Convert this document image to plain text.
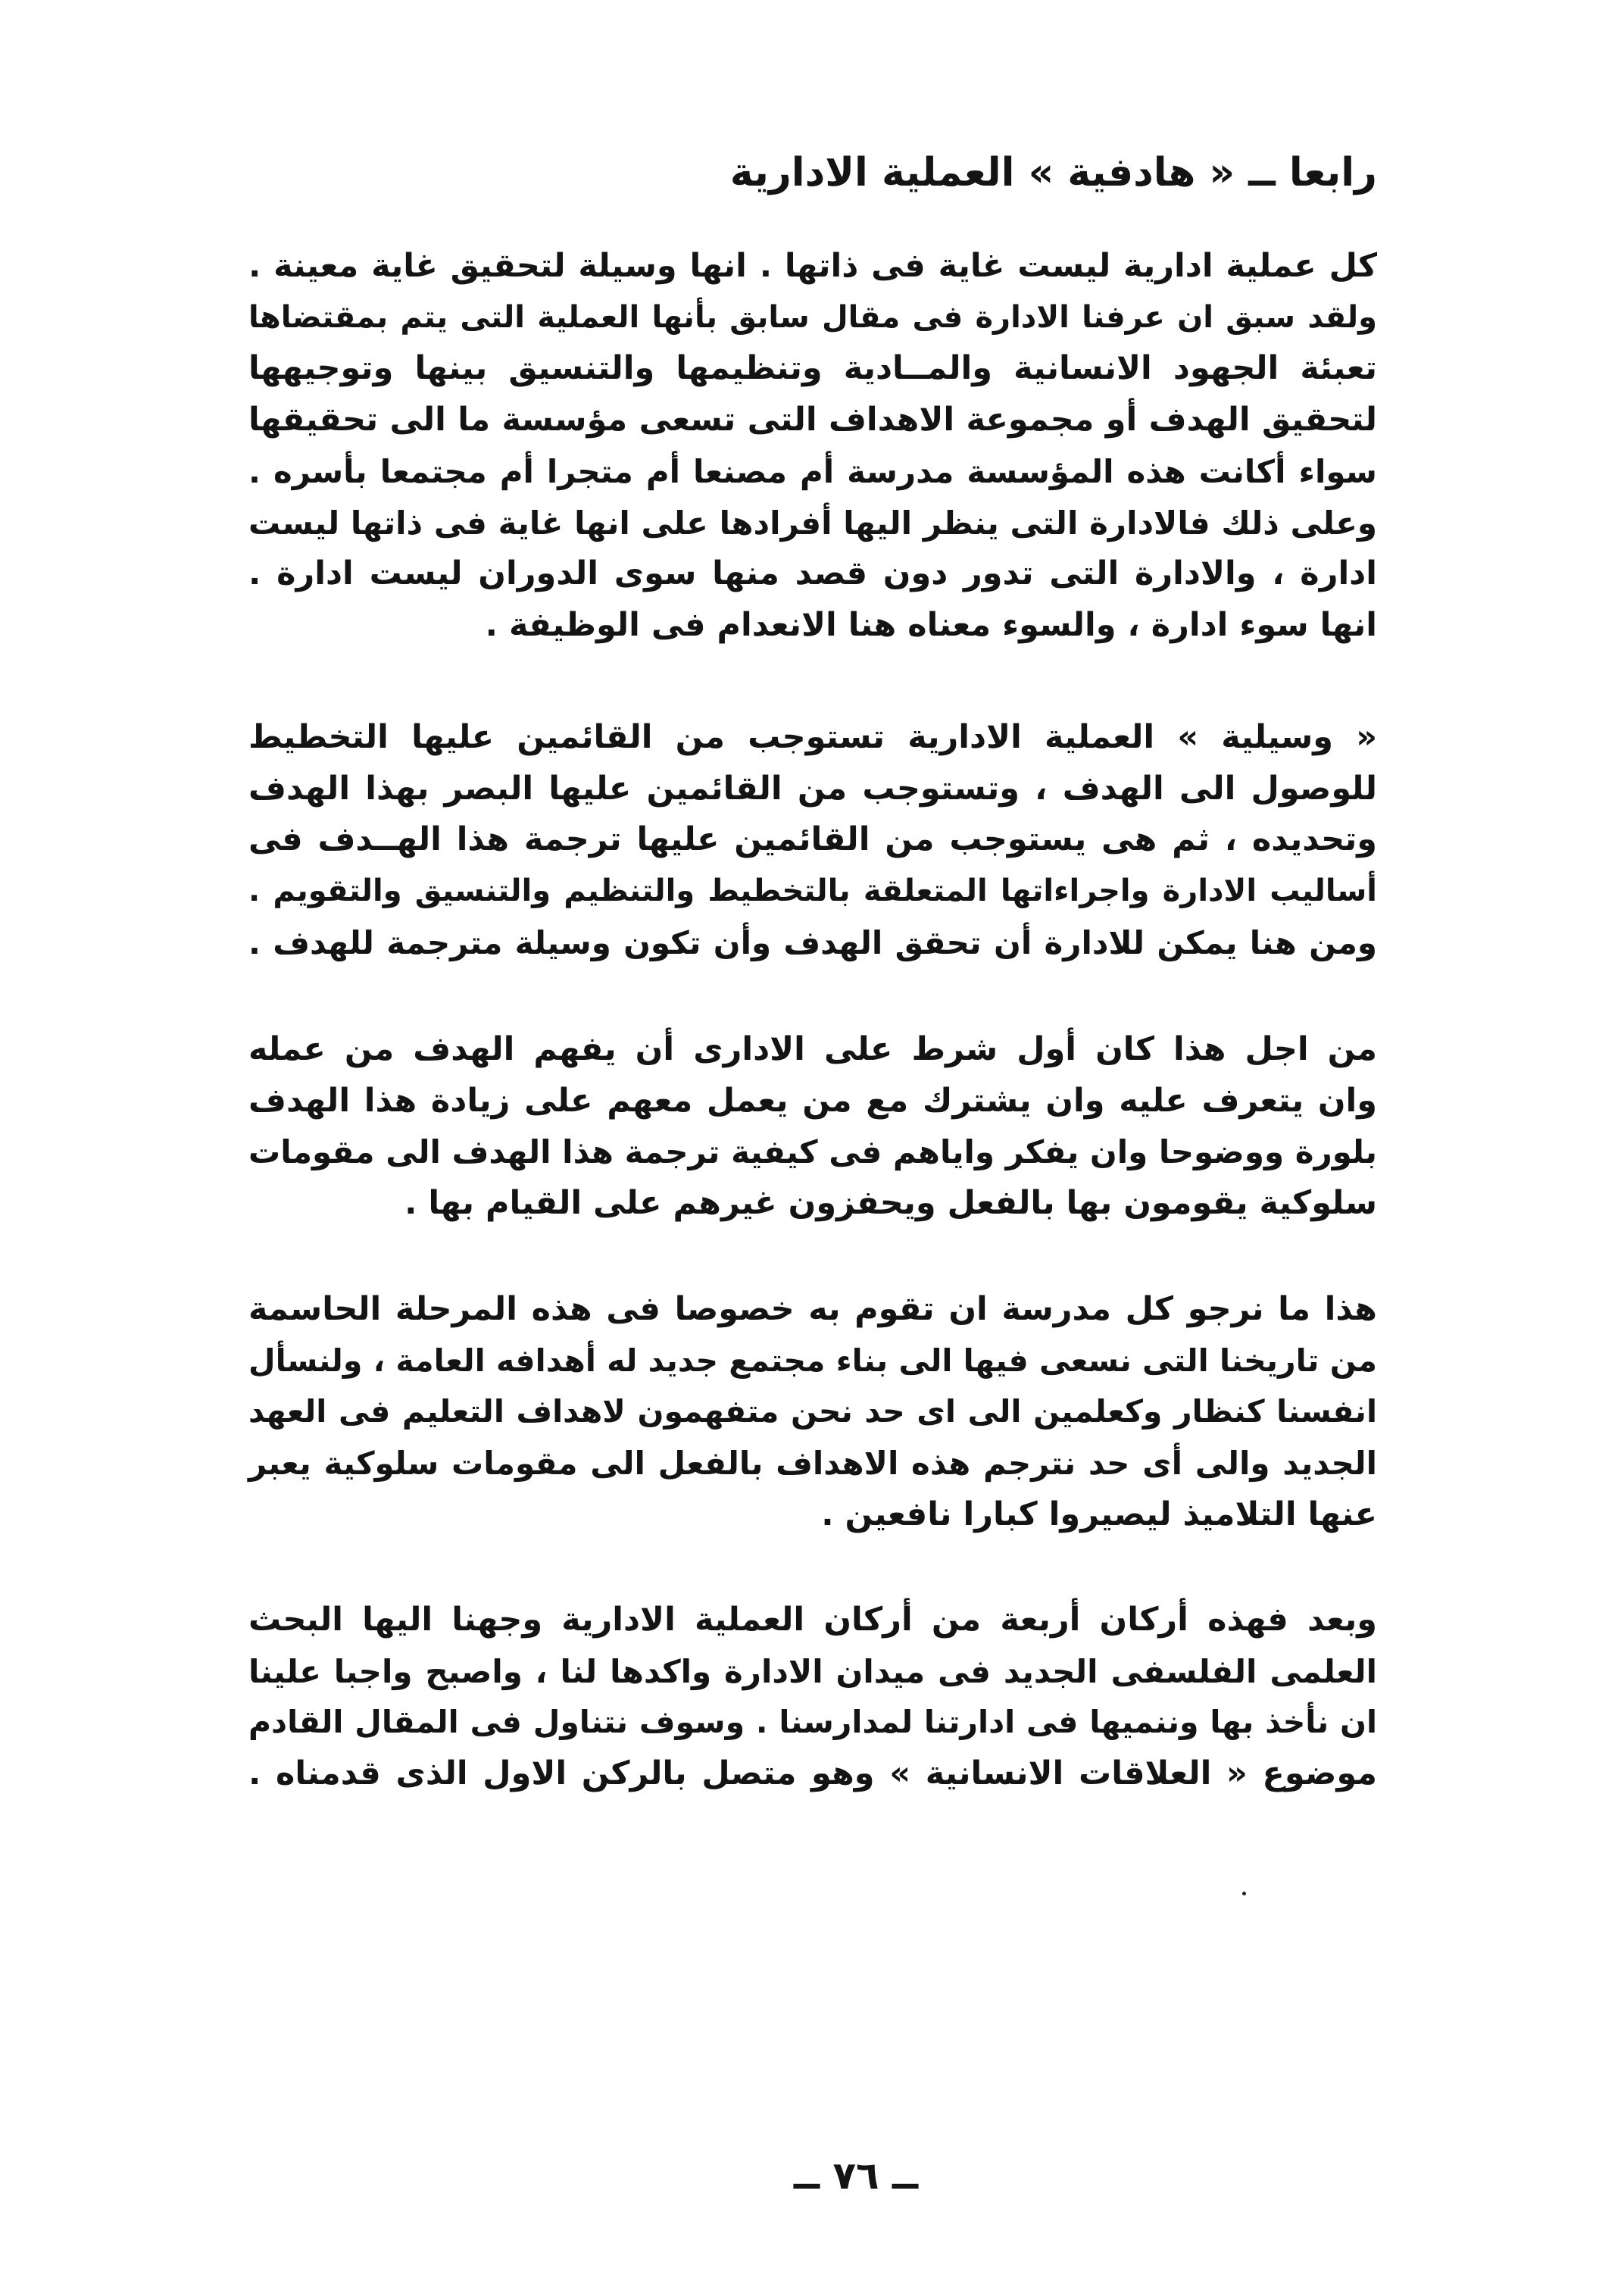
رابعا ــ « هادفية » العملية الادارية
كل عملية ادارية ليست غاية فى ذاتها . انها وسيلة لتحقيق غاية معينة .
ولقد سبق ان عرفنا الادارة فى مقال سابق بأنها العملية التى يتم بمقتضاها
تعبئة الجهود الانسانية والمــادية وتنظيمها والتنسيق بينها وتوجيهها
لتحقيق الهدف أو مجموعة الاهداف التى تسعى مؤسسة ما الى تحقيقها
سواء أكانت هذه المؤسسة مدرسة أم مصنعا أم متجرا أم مجتمعا بأسره .
وعلى ذلك فالادارة التى ينظر اليها أفرادها على انها غاية فى ذاتها ليست
ادارة ، والادارة التى تدور دون قصد منها سوى الدوران ليست ادارة .
انها سوء ادارة ، والسوء معناه هنا الانعدام فى الوظيفة .
« وسيلية » العملية الادارية تستوجب من القائمين عليها التخطيط
للوصول الى الهدف ، وتستوجب من القائمين عليها البصر بهذا الهدف
وتحديده ، ثم هى يستوجب من القائمين عليها ترجمة هذا الهــدف فى
أساليب الادارة واجراءاتها المتعلقة بالتخطيط والتنظيم والتنسيق والتقويم .
ومن هنا يمكن للادارة أن تحقق الهدف وأن تكون وسيلة مترجمة للهدف .
من اجل هذا كان أول شرط على الادارى أن يفهم الهدف من عمله
وان يتعرف عليه وان يشترك مع من يعمل معهم على زيادة هذا الهدف
بلورة ووضوحا وان يفكر واياهم فى كيفية ترجمة هذا الهدف الى مقومات
سلوكية يقومون بها بالفعل ويحفزون غيرهم على القيام بها .
هذا ما نرجو كل مدرسة ان تقوم به خصوصا فى هذه المرحلة الحاسمة
من تاريخنا التى نسعى فيها الى بناء مجتمع جديد له أهدافه العامة ، ولنسأل
انفسنا كنظار وكعلمين الى اى حد نحن متفهمون لاهداف التعليم فى العهد
الجديد والى أى حد نترجم هذه الاهداف بالفعل الى مقومات سلوكية يعبر
عنها التلاميذ ليصيروا كبارا نافعين .
وبعد فهذه أركان أربعة من أركان العملية الادارية وجهنا اليها البحث
العلمى الفلسفى الجديد فى ميدان الادارة واكدها لنا ، واصبح واجبا علينا
ان نأخذ بها وننميها فى ادارتنا لمدارسنا . وسوف نتناول فى المقال القادم
موضوع « العلاقات الانسانية » وهو متصل بالركن الاول الذى قدمناه .
ــ ٧٦ ــ
